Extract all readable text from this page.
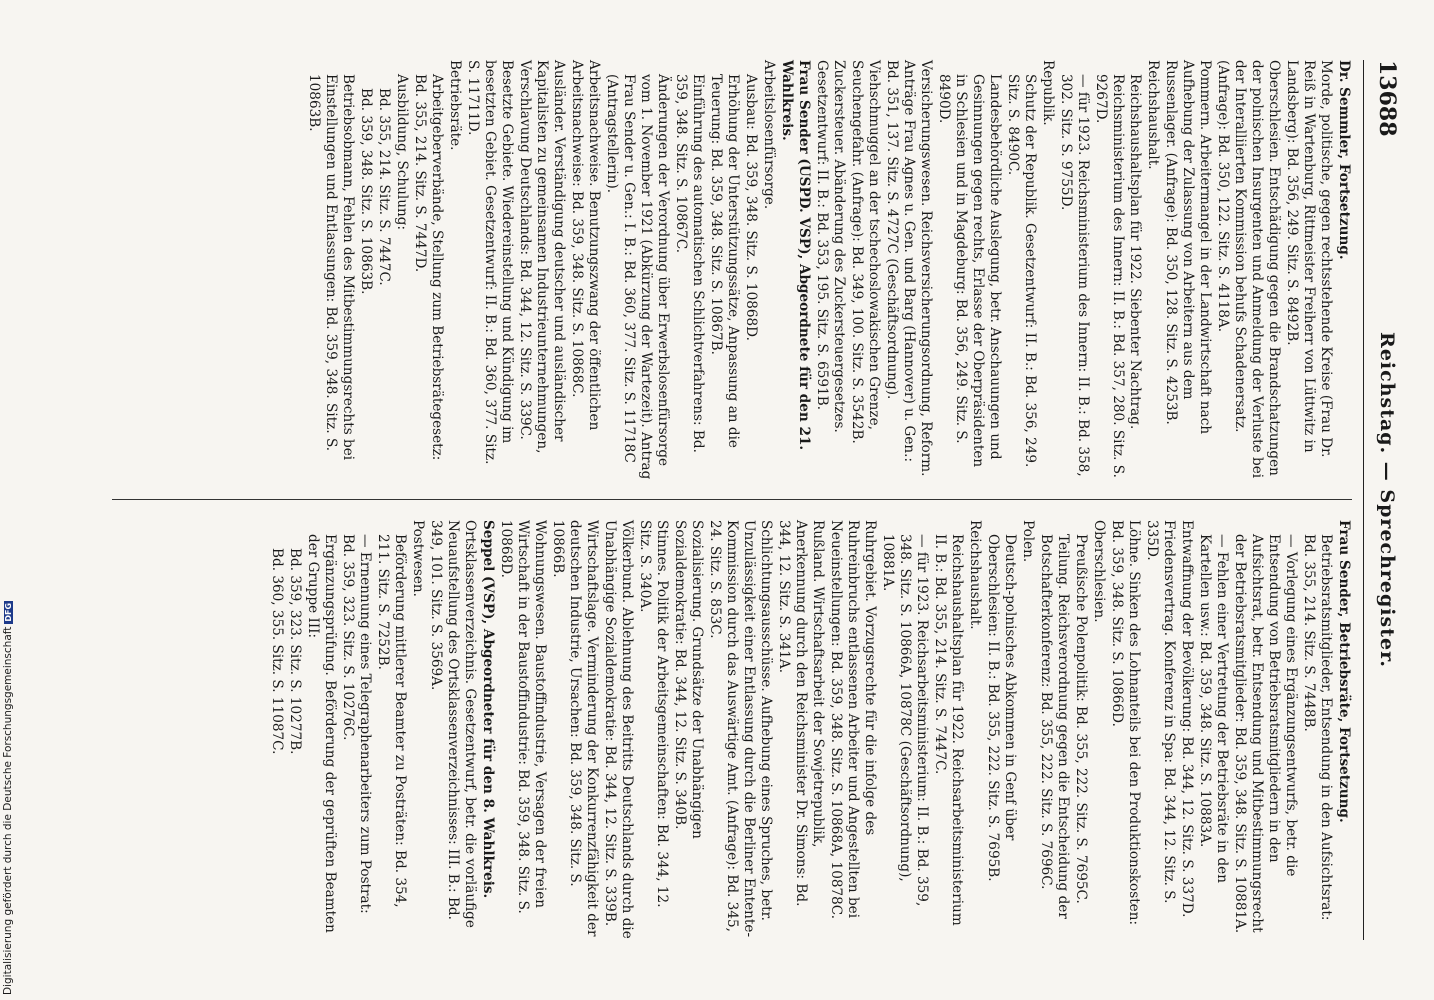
13688
Reichstag. — Sprechregister.
Dr. Semmler, Fortsetzung.
Morde, politische, gegen rechtsstehende Kreise (Frau Dr. Reiß in Wartenburg, Rittmeister Freiherr von Lüttwitz in Landsberg): Bd. 356, 249. Sitz. S. 8492B.
Oberschlesien. Entschädigung gegen die Brandschatzungen der polnischen Insurgenten und Anmeldung der Verluste bei der Interalliierten Kommission behufs Schadenersatz. (Anfrage): Bd. 350, 122. Sitz. S. 4118A.
Pommern. Arbeitermangel in der Landwirtschaft nach Aufhebung der Zulassung von Arbeitern aus dem Russenlager. (Anfrage): Bd. 350, 128. Sitz. S. 4253B.
Reichshaushalt.
Reichshaushaltsplan für 1922. Siebenter Nachtrag. Reichsministerium des Innern: II. B.: Bd. 357, 280. Sitz. S. 9267D.
— für 1923. Reichsministerium des Innern: II. B.: Bd. 358, 302. Sitz. S. 9755D.
Republik.
Schutz der Republik. Gesetzentwurf: II. B.: Bd. 356, 249. Sitz. S. 8490C.
Landesbehördliche Auslegung, betr. Anschauungen und Gesinnungen gegen rechts, Erlasse der Oberpräsidenten in Schlesien und in Magdeburg: Bd. 356, 249. Sitz. S. 8490D.
Versicherungswesen. Reichsversicherungsordnung, Reform. Anträge Frau Agnes u. Gen. und Barg (Hannover) u. Gen.: Bd. 351, 137. Sitz. S. 4727C (Geschäftsordnung).
Viehschmuggel an der tschechoslowakischen Grenze, Seuchengefahr. (Anfrage): Bd. 349, 100. Sitz. S. 3542B.
Zuckersteuer. Abänderung des Zuckersteuergesetzes. Gesetzentwurf: II. B.: Bd. 353, 195. Sitz. S. 6591B.
Frau Sender (USPD. VSP), Abgeordnete für den 21. Wahlkreis.
Arbeitslosenfürsorge.
Ausbau: Bd. 359, 348. Sitz. S. 10868D.
Erhöhung der Unterstützungssätze, Anpassung an die Teuerung: Bd. 359, 348. Sitz. S. 10867B.
Einführung des automatischen Schlichtverfahrens: Bd. 359, 348. Sitz. S. 10867C.
Änderungen der Verordnung über Erwerbslosenfürsorge vom 1. November 1921 (Abkürzung der Wartezeit). Antrag Frau Sender u. Gen.: I. B.: Bd. 360, 377. Sitz. S. 11718C (Antragstellerin).
Arbeitsnachweise. Benutzungszwang der öffentlichen Arbeitsnachweise: Bd. 359, 348. Sitz. S. 10868C.
Ausländer. Verständigung deutscher und ausländischer Kapitalisten zu gemeinsamen Industrieunternehmungen, Verschlavung Deutschlands: Bd. 344, 12. Sitz. S. 339C.
Besetzte Gebiete. Wiedereinstellung und Kündigung im besetzten Gebiet. Gesetzentwurf: II. B.: Bd. 360, 377. Sitz. S. 11711D.
Betriebsräte.
Arbeitgeberverbände, Stellung zum Betriebsrätegesetz: Bd. 355, 214. Sitz. S. 7447D.
Ausbildung, Schulung:
Bd. 355, 214. Sitz. S. 7447C.
Bd. 359, 348. Sitz. S. 10863B.
Betriebsobmann, Fehlen des Mitbestimmungsrechts bei Einstellungen und Entlassungen: Bd. 359, 348. Sitz. S. 10863B.
Frau Sender, Betriebsräte, Fortsetzung.
Betriebsratsmitglieder, Entsendung in den Aufsichtsrat: Bd. 355, 214. Sitz. S. 7448B.
— Vorlegung eines Ergänzungsentwurfs, betr. die Entsendung von Betriebsratsmitgliedern in den Aufsichtsrat, betr. Entsendung und Mitbestimmungsrecht der Betriebsratsmitglieder: Bd. 359, 348. Sitz. S. 10881A.
— Fehlen einer Vertretung der Betriebsräte in den Kartellen usw.: Bd. 359, 348. Sitz. S. 10883A.
Entwaffnung der Bevölkerung: Bd. 344, 12. Sitz. S. 337D.
Friedensvertrag. Konferenz in Spa: Bd. 344, 12. Sitz. S. 335D.
Löhne. Sinken des Lohnanteils bei den Produktionskosten: Bd. 359, 348. Sitz. S. 10866D.
Oberschlesien.
Preußische Polenpolitik: Bd. 355, 222. Sitz. S. 7695C.
Teilung. Reichsverordnung gegen die Entscheidung der Botschafterkonferenz: Bd. 355, 222. Sitz. S. 7696C.
Polen.
Deutsch-polnisches Abkommen in Genf über Oberschlesien: II. B.: Bd. 355, 222. Sitz. S. 7695B.
Reichshaushalt.
Reichshaushaltsplan für 1922. Reichsarbeitsministerium II. B.: Bd. 355, 214. Sitz. S. 7447C.
— für 1923. Reichsarbeitsministerium: II. B.: Bd. 359, 348. Sitz. S. 10866A, 10878C (Geschäftsordnung), 10881A.
Ruhrgebiet. Vorzugsrechte für die infolge des Ruhreinbruchs entlassenen Arbeiter und Angestellten bei Neueinstellungen: Bd. 359, 348. Sitz. S. 10868A, 10878C.
Rußland. Wirtschaftsarbeit der Sowjetrepublik, Anerkennung durch den Reichsminister Dr. Simons: Bd. 344, 12. Sitz. S. 341A.
Schlichtungsausschüsse. Aufhebung eines Spruches, betr. Unzulässigkeit einer Entlassung durch die Berliner Entente-Kommission durch das Auswärtige Amt. (Anfrage): Bd. 345, 24. Sitz. S. 853C.
Sozialisierung. Grundsätze der Unabhängigen Sozialdemokratie: Bd. 344, 12. Sitz. S. 340B.
Stinnes. Politik der Arbeitsgemeinschaften: Bd. 344, 12. Sitz. S. 340A.
Völkerbund. Ablehnung des Beitritts Deutschlands durch die Unabhängige Sozialdemokratie: Bd. 344, 12. Sitz. S. 339B.
Wirtschaftslage. Verminderung der Konkurrenzfähigkeit der deutschen Industrie, Ursachen: Bd. 359, 348. Sitz. S. 10866B.
Wohnungswesen. Baustoffindustrie, Versagen der freien Wirtschaft in der Baustoffindustrie: Bd. 359, 348. Sitz. S. 10868D.
Seppel (VSP), Abgeordneter für den 8. Wahlkreis.
Ortsklassenverzeichnis. Gesetzentwurf, betr. die vorläufige Neuaufstellung des Ortsklassenverzeichnisses: III. B.: Bd. 349, 101. Sitz. S. 3569A.
Postwesen.
Beförderung mittlerer Beamter zu Posträten: Bd. 354, 211. Sitz. S. 7252B.
— Ernennung eines Telegraphenarbeiters zum Postrat: Bd. 359, 323. Sitz. S. 10276C.
Ergänzungsprüfung. Beförderung der geprüften Beamten der Gruppe III:
Bd. 359, 323. Sitz. S. 10277B.
Bd. 360, 355. Sitz. S. 11087C.
Digitalisierung gefördert durch die Deutsche ForschungsgemeinschaftDFG
